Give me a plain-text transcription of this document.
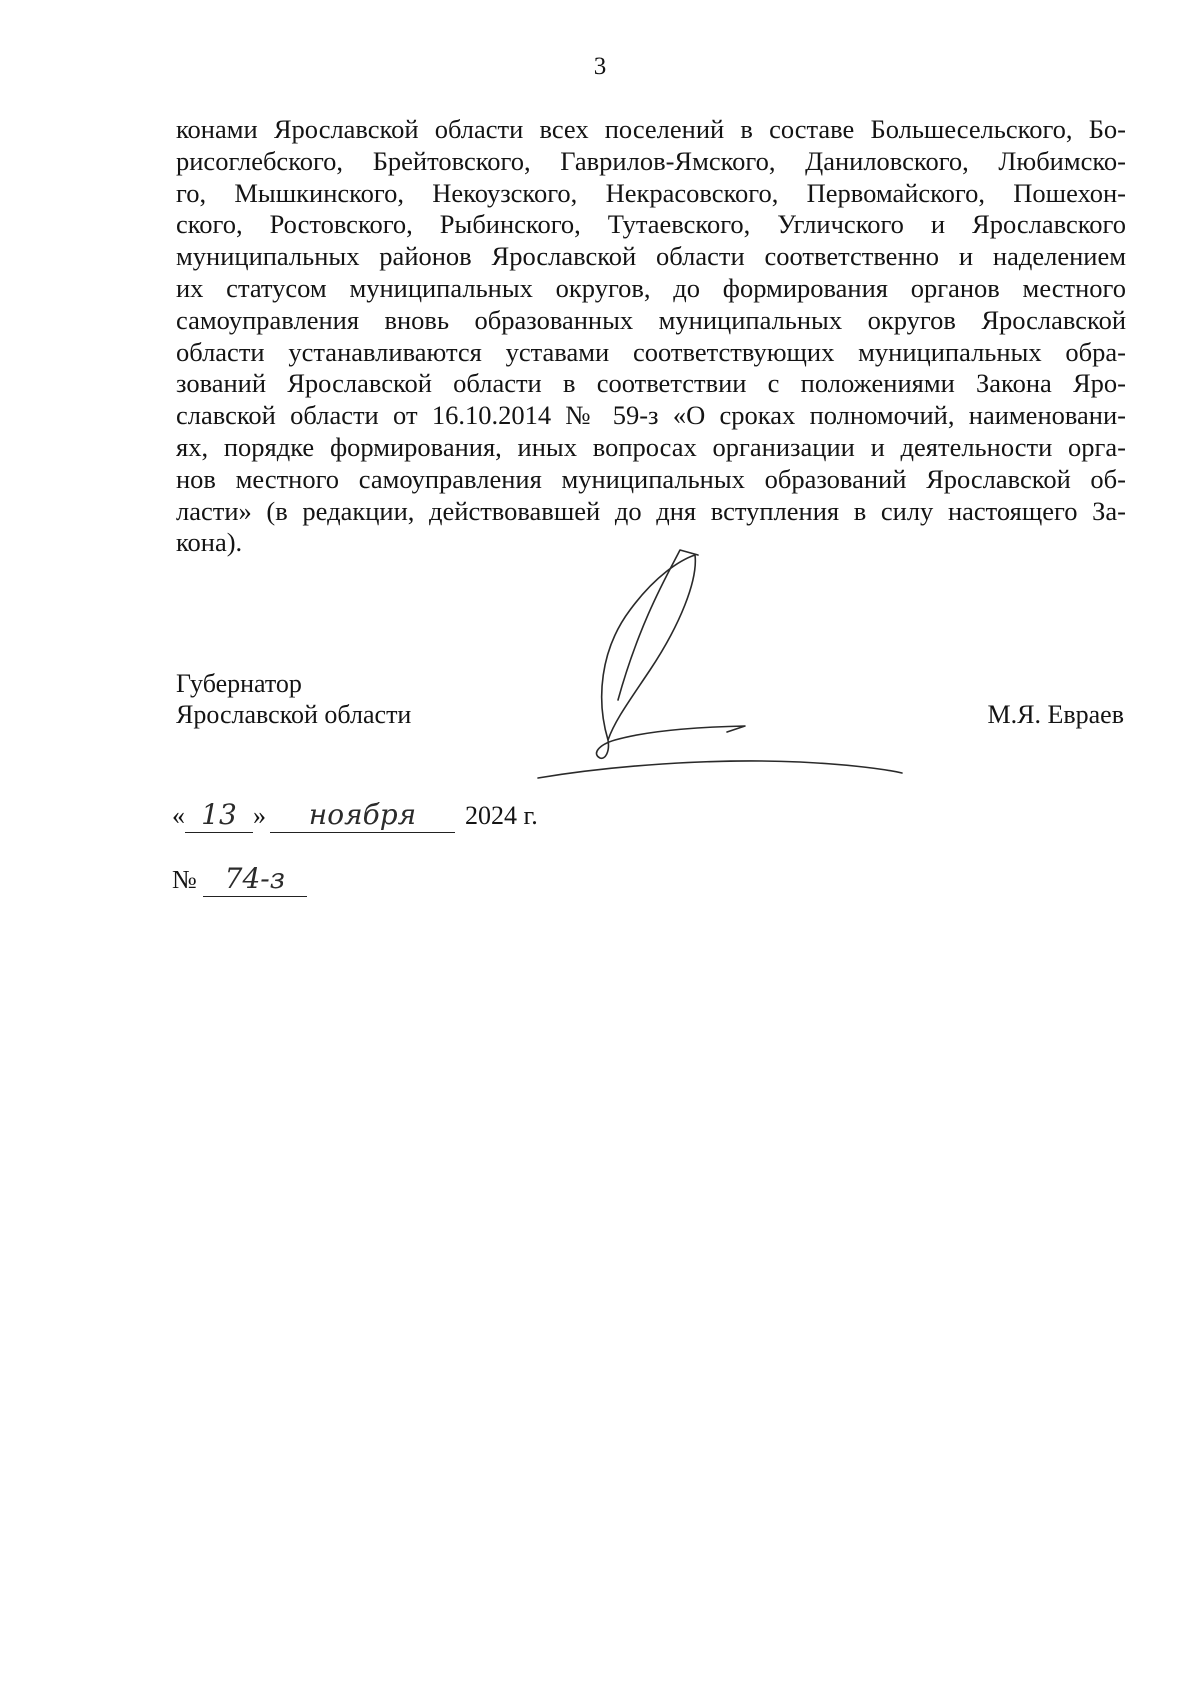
3
конами Ярославской области всех поселений в составе Большесельского, Бо-
рисоглебского, Брейтовского, Гаврилов-Ямского, Даниловского, Любимско-
го, Мышкинского, Некоузского, Некрасовского, Первомайского, Пошехон-
ского, Ростовского, Рыбинского, Тутаевского, Угличского и Ярославского
муниципальных районов Ярославской области соответственно и наделением
их статусом муниципальных округов, до формирования органов местного
самоуправления вновь образованных муниципальных округов Ярославской
области устанавливаются уставами соответствующих муниципальных обра-
зований Ярославской области в соответствии с положениями Закона Яро-
славской области от 16.10.2014 № 59-з «О сроках полномочий, наименовани-
ях, порядке формирования, иных вопросах организации и деятельности орга-
нов местного самоуправления муниципальных образований Ярославской об-
ласти» (в редакции, действовавшей до дня вступления в силу настоящего За-
кона).
Губернатор
Ярославской области	М.Я. Евраев
« 13 » ноября 2024 г.
№ 74-з
